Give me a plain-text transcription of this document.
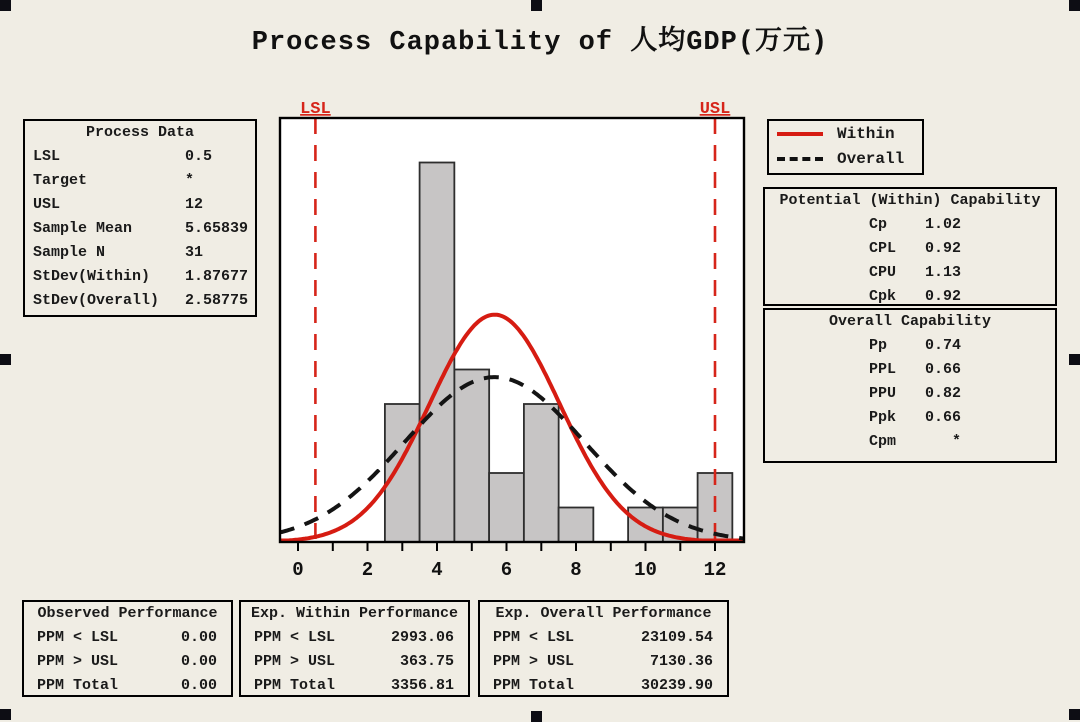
Process Capability of 人均GDP(万元)
Process Data
LSL	0.5
Target	*
USL	12
Sample Mean	5.65839
Sample N	31
StDev(Within)	1.87677
StDev(Overall)	2.58775
0	2	4	6	8	10 12
LSL	USL
Within
Overall
Potential (Within) Capability
Cp	1.02
CPL	0.92
CPU	1.13
Cpk	0.92
Overall Capability
Pp	0.74
PPL	0.66
PPU	0.82
Ppk	0.66
Cpm	*
Observed Performance
PPM < LSL	0.00
PPM > USL	0.00
PPM Total	0.00
Exp. Within Performance
PPM < LSL	2993.06
PPM > USL	363.75
PPM Total	3356.81
Exp. Overall Performance
PPM < LSL	23109.54
PPM > USL	7130.36
PPM Total	30239.90
